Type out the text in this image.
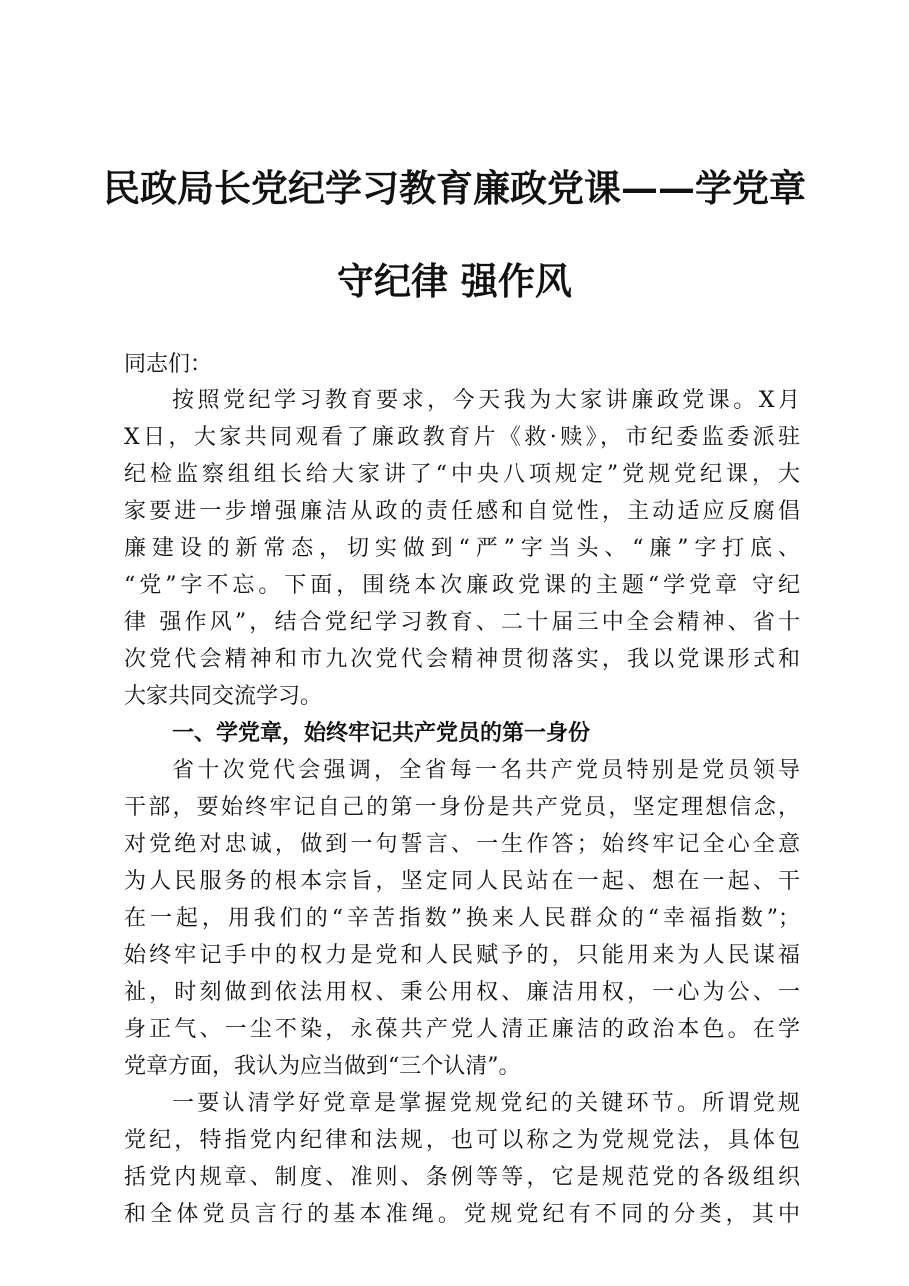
民政局长党纪学习教育廉政党课——学党章
守纪律 强作风
同志们：
按照党纪学习教育要求，今天我为大家讲廉政党课。X月
X日，大家共同观看了廉政教育片《救·赎》，市纪委监委派驻
纪检监察组组长给大家讲了“中央八项规定”党规党纪课，大
家要进一步增强廉洁从政的责任感和自觉性，主动适应反腐倡
廉建设的新常态，切实做到“严”字当头、“廉”字打底、
“党”字不忘。下面，围绕本次廉政党课的主题“学党章 守纪
律 强作风”，结合党纪学习教育、二十届三中全会精神、省十
次党代会精神和市九次党代会精神贯彻落实，我以党课形式和
大家共同交流学习。
一、学党章，始终牢记共产党员的第一身份
省十次党代会强调，全省每一名共产党员特别是党员领导
干部，要始终牢记自己的第一身份是共产党员，坚定理想信念，
对党绝对忠诚，做到一句誓言、一生作答；始终牢记全心全意
为人民服务的根本宗旨，坚定同人民站在一起、想在一起、干
在一起，用我们的“辛苦指数”换来人民群众的“幸福指数”；
始终牢记手中的权力是党和人民赋予的，只能用来为人民谋福
祉，时刻做到依法用权、秉公用权、廉洁用权，一心为公、一
身正气、一尘不染，永葆共产党人清正廉洁的政治本色。在学
党章方面，我认为应当做到“三个认清”。
一要认清学好党章是掌握党规党纪的关键环节。所谓党规
党纪，特指党内纪律和法规，也可以称之为党规党法，具体包
括党内规章、制度、准则、条例等等，它是规范党的各级组织
和全体党员言行的基本准绳。党规党纪有不同的分类，其中
